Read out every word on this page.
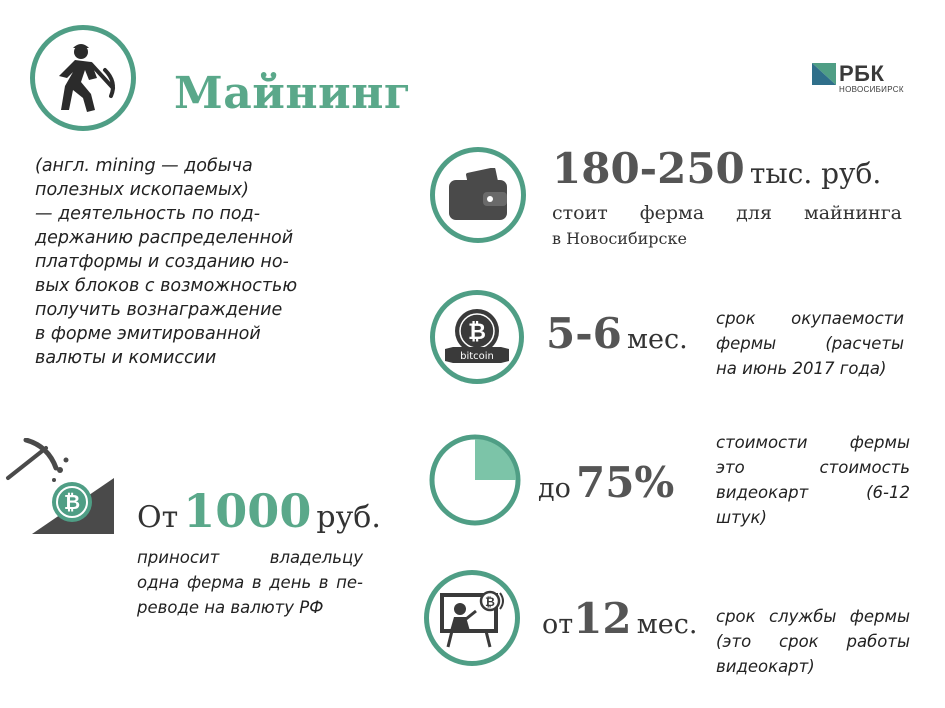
Майнинг	РБК
НОВОСИБИРСК
(англ. mining — добыча
полезных ископаемых)
— деятельность по под-
держанию распределенной
платформы и созданию но-
вых блоков с возможностью
получить вознаграждение
в форме эмитированной
валюты и комиссии
₿ От 1000 руб.
приносит владельцу
одна ферма в день в пе-
реводе на валюту РФ
180-250 тыс. руб.
стоит ферма для майнинга
в Новосибирске
₿
bitcoin 5-6 мес.
срок окупаемости
фермы (расчеты
на июнь 2017 года)
до 75%
стоимости фермы
это стоимость
видеокарт (6-12
штук)
₿
от12 мес. срок службы фермы
(это срок работы
видеокарт)
